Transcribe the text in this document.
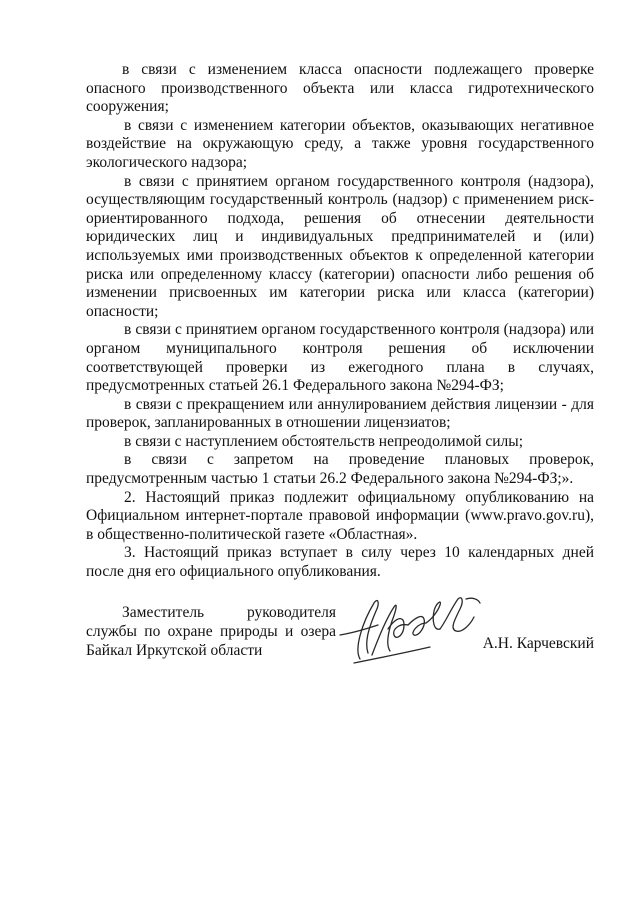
в связи с изменением класса опасности подлежащего проверке опасного производственного объекта или класса гидротехнического сооружения;

в связи с изменением категории объектов, оказывающих негативное воздействие на окружающую среду, а также уровня государственного экологического надзора;

в связи с принятием органом государственного контроля (надзора), осуществляющим государственный контроль (надзор) с применением риск-ориентированного подхода, решения об отнесении деятельности юридических лиц и индивидуальных предпринимателей и (или) используемых ими производственных объектов к определенной категории риска или определенному классу (категории) опасности либо решения об изменении присвоенных им категории риска или класса (категории) опасности;

в связи с принятием органом государственного контроля (надзора) или органом муниципального контроля решения об исключении соответствующей проверки из ежегодного плана в случаях, предусмотренных статьей 26.1 Федерального закона №294-ФЗ;

в связи с прекращением или аннулированием действия лицензии - для проверок, запланированных в отношении лицензиатов;

в связи с наступлением обстоятельств непреодолимой силы;

в связи с запретом на проведение плановых проверок, предусмотренным частью 1 статьи 26.2 Федерального закона №294-ФЗ;».

2. Настоящий приказ подлежит официальному опубликованию на Официальном интернет-портале правовой информации (www.pravo.gov.ru), в общественно-политической газете «Областная».

3. Настоящий приказ вступает в силу через 10 календарных дней после дня его официального опубликования.

Заместитель руководителя
службы по охране природы и озера
Байкал Иркутской области	А.Н. Карчевский
